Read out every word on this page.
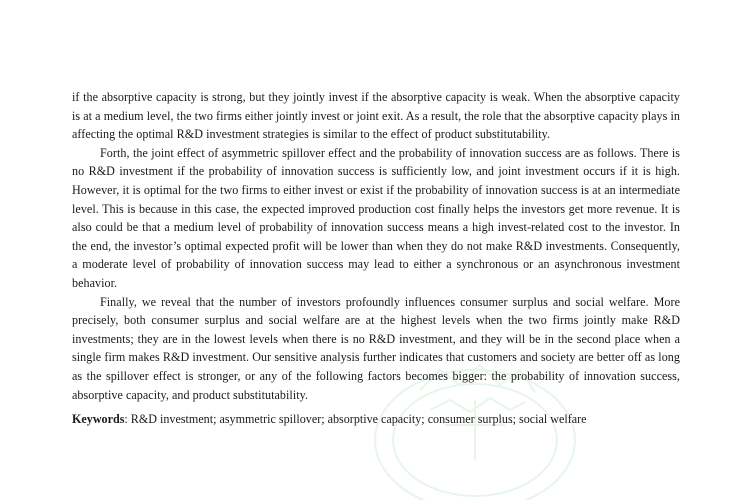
if the absorptive capacity is strong, but they jointly invest if the absorptive capacity is weak. When the absorptive capacity is at a medium level, the two firms either jointly invest or joint exit. As a result, the role that the absorptive capacity plays in affecting the optimal R&D investment strategies is similar to the effect of product substitutability.

Forth, the joint effect of asymmetric spillover effect and the probability of innovation success are as follows. There is no R&D investment if the probability of innovation success is sufficiently low, and joint investment occurs if it is high. However, it is optimal for the two firms to either invest or exist if the probability of innovation success is at an intermediate level. This is because in this case, the expected improved production cost finally helps the investors get more revenue. It is also could be that a medium level of probability of innovation success means a high invest-related cost to the investor. In the end, the investor’s optimal expected profit will be lower than when they do not make R&D investments. Consequently, a moderate level of probability of innovation success may lead to either a synchronous or an asynchronous investment behavior.

Finally, we reveal that the number of investors profoundly influences consumer surplus and social welfare. More precisely, both consumer surplus and social welfare are at the highest levels when the two firms jointly make R&D investments; they are in the lowest levels when there is no R&D investment, and they will be in the second place when a single firm makes R&D investment. Our sensitive analysis further indicates that customers and society are better off as long as the spillover effect is stronger, or any of the following factors becomes bigger: the probability of innovation success, absorptive capacity, and product substitutability.

Keywords: R&D investment; asymmetric spillover; absorptive capacity; consumer surplus; social welfare
